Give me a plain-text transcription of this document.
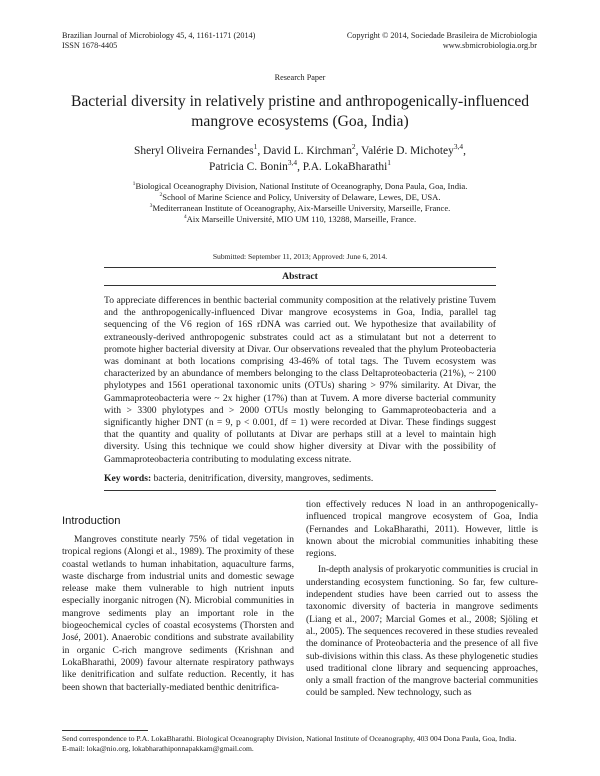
Brazilian Journal of Microbiology 45, 4, 1161-1171 (2014)
ISSN 1678-4405
Copyright © 2014, Sociedade Brasileira de Microbiologia
www.sbmicrobiologia.org.br
Research Paper
Bacterial diversity in relatively pristine and anthropogenically-influenced mangrove ecosystems (Goa, India)
Sheryl Oliveira Fernandes$^1$, David L. Kirchman$^2$, Valérie D. Michotey$^{3,4}$,
Patricia C. Bonin$^{3,4}$, P.A. LokaBharathi$^1$
$^1$Biological Oceanography Division, National Institute of Oceanography, Dona Paula, Goa, India.
$^2$School of Marine Science and Policy, University of Delaware, Lewes, DE, USA.
$^3$Mediterranean Institute of Oceanography, Aix-Marseille University, Marseille, France.
$^4$Aix Marseille Université, MIO UM 110, 13288, Marseille, France.
Submitted: September 11, 2013; Approved: June 6, 2014.
Abstract
To appreciate differences in benthic bacterial community composition at the relatively pristine Tuvem and the anthropogenically-influenced Divar mangrove ecosystems in Goa, India, parallel tag sequencing of the V6 region of 16S rDNA was carried out. We hypothesize that availability of extraneously-derived anthropogenic substrates could act as a stimulatant but not a deterrent to promote higher bacterial diversity at Divar. Our observations revealed that the phylum Proteobacteria was dominant at both locations comprising 43-46% of total tags. The Tuvem ecosystem was characterized by an abundance of members belonging to the class Deltaproteobacteria (21%), ~ 2100 phylotypes and 1561 operational taxonomic units (OTUs) sharing > 97% similarity. At Divar, the Gammaproteobacteria were ~ 2x higher (17%) than at Tuvem. A more diverse bacterial community with > 3300 phylotypes and > 2000 OTUs mostly belonging to Gammaproteobacteria and a significantly higher DNT (n = 9, p < 0.001, df = 1) were recorded at Divar. These findings suggest that the quantity and quality of pollutants at Divar are perhaps still at a level to maintain high diversity. Using this technique we could show higher diversity at Divar with the possibility of Gammaproteobacteria contributing to modulating excess nitrate.
Key words: bacteria, denitrification, diversity, mangroves, sediments.
Introduction

Mangroves constitute nearly 75% of tidal vegetation in tropical regions (Alongi et al., 1989). The proximity of these coastal wetlands to human inhabitation, aquaculture farms, waste discharge from industrial units and domestic sewage release make them vulnerable to high nutrient inputs especially inorganic nitrogen (N). Microbial communities in mangrove sediments play an important role in the biogeochemical cycles of coastal ecosystems (Thorsten and José, 2001). Anaerobic conditions and substrate availability in organic C-rich mangrove sediments (Krishnan and LokaBharathi, 2009) favour alternate respiratory pathways like denitrification and sulfate reduction. Recently, it has been shown that bacterially-mediated benthic denitrifica-

tion effectively reduces N load in an anthropogenically-influenced tropical mangrove ecosystem of Goa, India (Fernandes and LokaBharathi, 2011). However, little is known about the microbial communities inhabiting these regions.

In-depth analysis of prokaryotic communities is crucial in understanding ecosystem functioning. So far, few culture-independent studies have been carried out to assess the taxonomic diversity of bacteria in mangrove sediments (Liang et al., 2007; Marcial Gomes et al., 2008; Sjöling et al., 2005). The sequences recovered in these studies revealed the dominance of Proteobacteria and the presence of all five sub-divisions within this class. As these phylogenetic studies used traditional clone library and sequencing approaches, only a small fraction of the mangrove bacterial communities could be sampled. New technology, such as

Send correspondence to P.A. LokaBharathi. Biological Oceanography Division, National Institute of Oceanography, 403 004 Dona Paula, Goa, India.
E-mail: loka@nio.org, lokabharathiponnapakkam@gmail.com.
